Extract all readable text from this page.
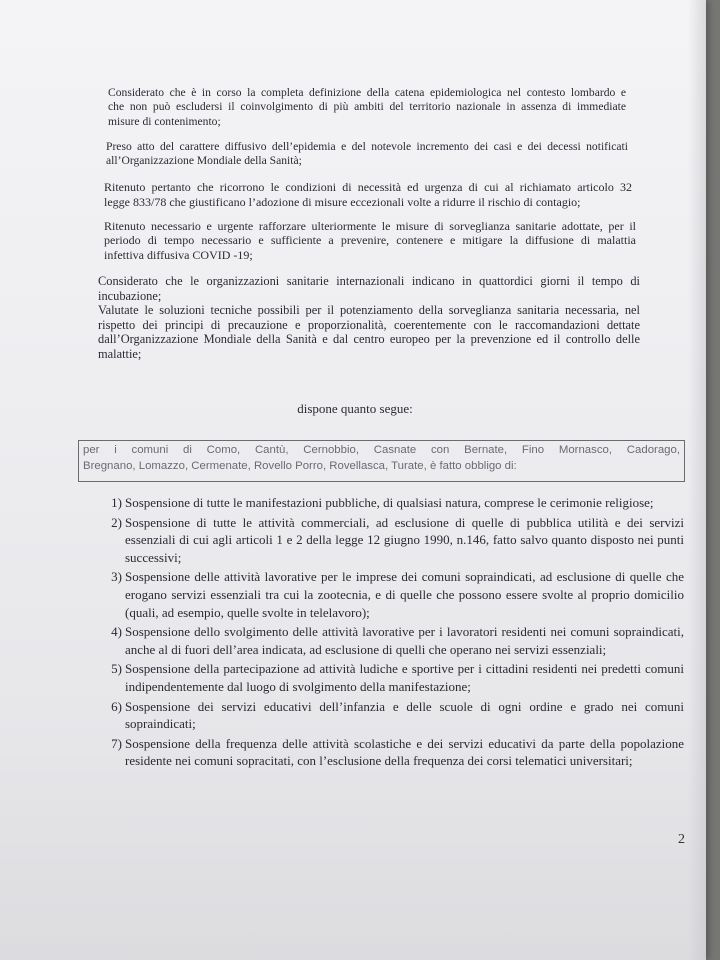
Considerato che è in corso la completa definizione della catena epidemiologica nel contesto lombardo e

che non può escludersi il coinvolgimento di più ambiti del territorio nazionale in assenza di immediate

misure di contenimento;

Preso atto del carattere diffusivo dell’epidemia e del notevole incremento dei casi e dei decessi notificati

all’Organizzazione Mondiale della Sanità;

Ritenuto pertanto che ricorrono le condizioni di necessità ed urgenza di cui al richiamato articolo 32

legge 833/78 che giustificano l’adozione di misure eccezionali volte a ridurre il rischio di contagio;

Ritenuto necessario e urgente rafforzare ulteriormente le misure di sorveglianza sanitarie adottate, per il

periodo di tempo necessario e sufficiente a prevenire, contenere e mitigare la diffusione di malattia

infettiva diffusiva COVID -19;

Considerato che le organizzazioni sanitarie internazionali indicano in quattordici giorni il tempo di

incubazione;

Valutate le soluzioni tecniche possibili per il potenziamento della sorveglianza sanitaria necessaria, nel

rispetto dei principi di precauzione e proporzionalità, coerentemente con le raccomandazioni dettate

dall’Organizzazione Mondiale della Sanità e dal centro europeo per la prevenzione ed il controllo delle

malattie;

dispone quanto segue:
per i comuni di Como, Cantù, Cernobbio, Casnate con Bernate, Fino Mornasco, Cadorago,
Bregnano, Lomazzo, Cermenate, Rovello Porro, Rovellasca, Turate, è fatto obbligo di:
1) Sospensione di tutte le manifestazioni pubbliche, di qualsiasi natura, comprese le cerimonie religiose;
2) Sospensione di tutte le attività commerciali, ad esclusione di quelle di pubblica utilità e dei servizi essenziali di cui agli articoli 1 e 2 della legge 12 giugno 1990, n.146, fatto salvo quanto disposto nei punti successivi;
3) Sospensione delle attività lavorative per le imprese dei comuni sopraindicati, ad esclusione di quelle che erogano servizi essenziali tra cui la zootecnia, e di quelle che possono essere svolte al proprio domicilio (quali, ad esempio, quelle svolte in telelavoro);
4) Sospensione dello svolgimento delle attività lavorative per i lavoratori residenti nei comuni sopraindicati, anche al di fuori dell’area indicata, ad esclusione di quelli che operano nei servizi essenziali;
5) Sospensione della partecipazione ad attività ludiche e sportive per i cittadini residenti nei predetti comuni indipendentemente dal luogo di svolgimento della manifestazione;
6) Sospensione dei servizi educativi dell’infanzia e delle scuole di ogni ordine e grado nei comuni sopraindicati;
7) Sospensione della frequenza delle attività scolastiche e dei servizi educativi da parte della popolazione residente nei comuni sopracitati, con l’esclusione della frequenza dei corsi telematici universitari;
2
